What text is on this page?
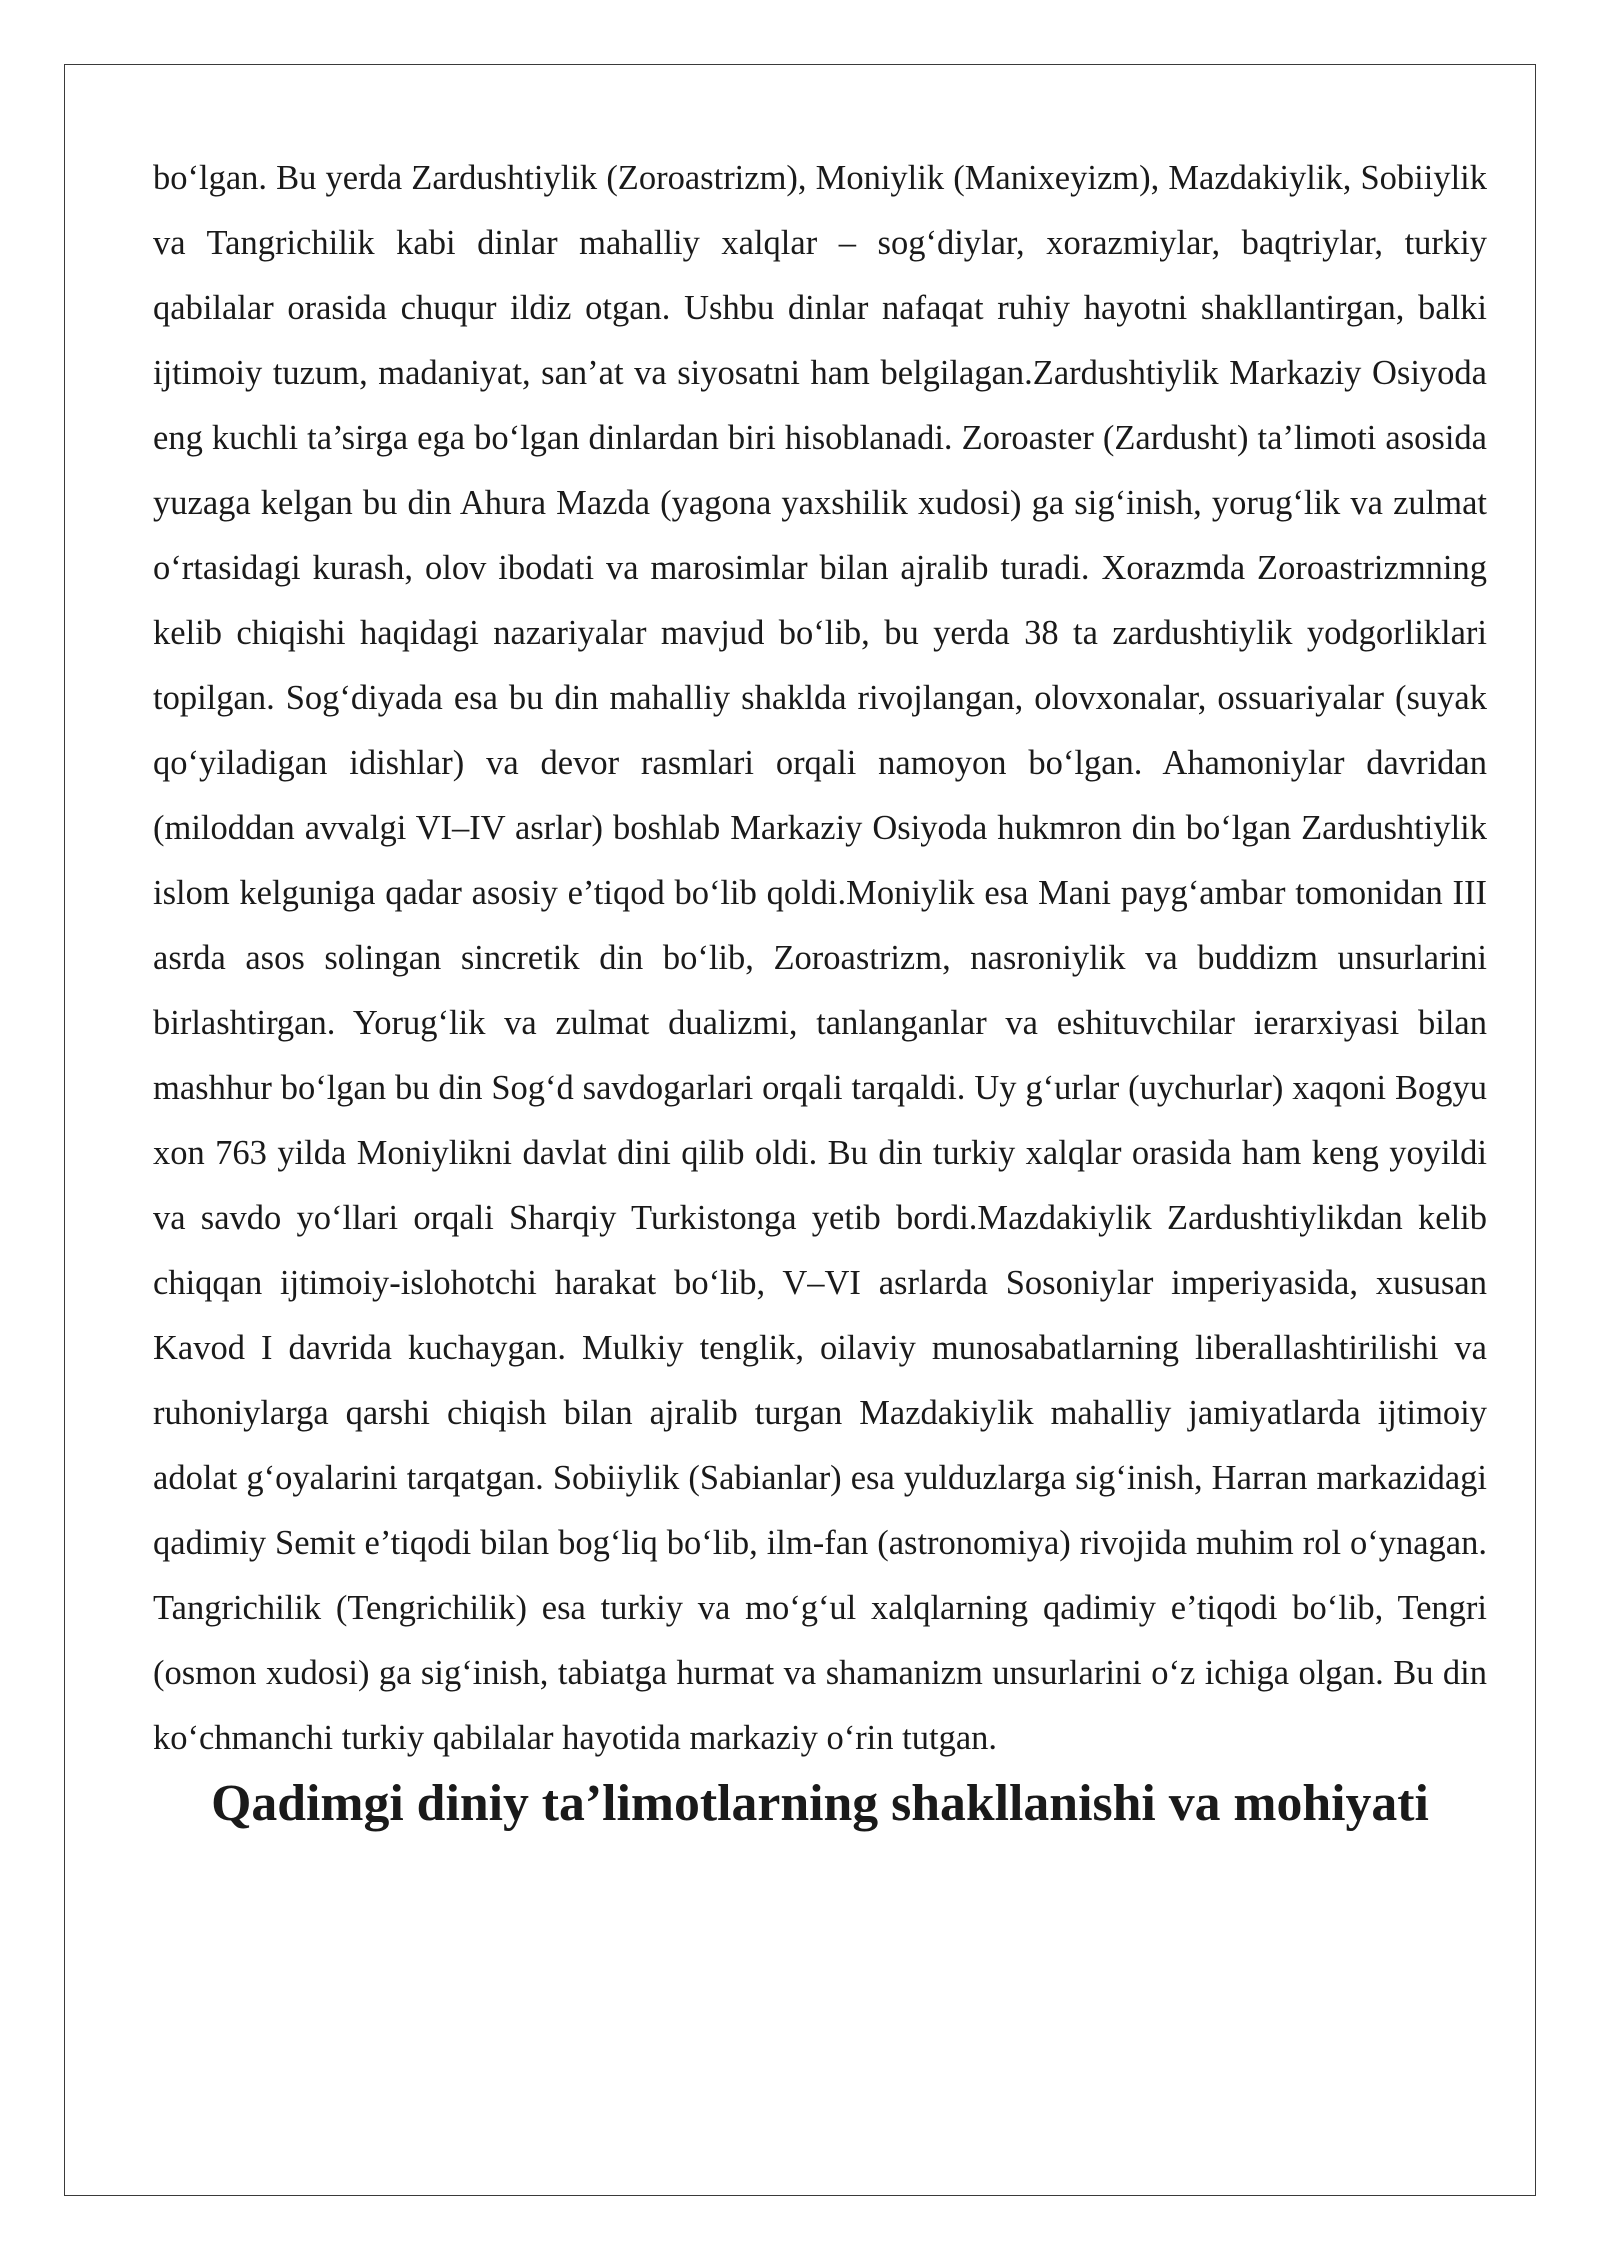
bo‘lgan. Bu yerda Zardushtiylik (Zoroastrizm), Moniylik (Manixeyizm), Mazdakiylik, Sobiiylik va Tangrichilik kabi dinlar mahalliy xalqlar – sog‘diylar, xorazmiylar, baqtriylar, turkiy qabilalar orasida chuqur ildiz otgan. Ushbu dinlar nafaqat ruhiy hayotni shakllantirgan, balki ijtimoiy tuzum, madaniyat, san’at va siyosatni ham belgilagan.Zardushtiylik Markaziy Osiyoda eng kuchli ta’sirga ega bo‘lgan dinlardan biri hisoblanadi. Zoroaster (Zardusht) ta’limoti asosida yuzaga kelgan bu din Ahura Mazda (yagona yaxshilik xudosi) ga sig‘inish, yorug‘lik va zulmat o‘rtasidagi kurash, olov ibodati va marosimlar bilan ajralib turadi. Xorazmda Zoroastrizmning kelib chiqishi haqidagi nazariyalar mavjud bo‘lib, bu yerda 38 ta zardushtiylik yodgorliklari topilgan. Sog‘diyada esa bu din mahalliy shaklda rivojlangan, olovxonalar, ossuariyalar (suyak qo‘yiladigan idishlar) va devor rasmlari orqali namoyon bo‘lgan. Ahamoniylar davridan (miloddan avvalgi VI–IV asrlar) boshlab Markaziy Osiyoda hukmron din bo‘lgan Zardushtiylik islom kelguniga qadar asosiy e’tiqod bo‘lib qoldi.Moniylik esa Mani payg‘ambar tomonidan III asrda asos solingan sincretik din bo‘lib, Zoroastrizm, nasroniylik va buddizm unsurlarini birlashtirgan. Yorug‘lik va zulmat dualizmi, tanlanganlar va eshituvchilar ierarxiyasi bilan mashhur bo‘lgan bu din Sog‘d savdogarlari orqali tarqaldi. Uy g‘urlar (uychurlar) xaqoni Bogyu xon 763 yilda Moniylikni davlat dini qilib oldi. Bu din turkiy xalqlar orasida ham keng yoyildi va savdo yo‘llari orqali Sharqiy Turkistonga yetib bordi.Mazdakiylik Zardushtiylikdan kelib chiqqan ijtimoiy-islohotchi harakat bo‘lib, V–VI asrlarda Sosoniylar imperiyasida, xususan Kavod I davrida kuchaygan. Mulkiy tenglik, oilaviy munosabatlarning liberallashtirilishi va ruhoniylarga qarshi chiqish bilan ajralib turgan Mazdakiylik mahalliy jamiyatlarda ijtimoiy adolat g‘oyalarini tarqatgan. Sobiiylik (Sabianlar) esa yulduzlarga sig‘inish, Harran markazidagi qadimiy Semit e’tiqodi bilan bog‘liq bo‘lib, ilm-fan (astronomiya) rivojida muhim rol o‘ynagan. Tangrichilik (Tengrichilik) esa turkiy va mo‘g‘ul xalqlarning qadimiy e’tiqodi bo‘lib, Tengri (osmon xudosi) ga sig‘inish, tabiatga hurmat va shamanizm unsurlarini o‘z ichiga olgan. Bu din ko‘chmanchi turkiy qabilalar hayotida markaziy o‘rin tutgan.

Qadimgi diniy ta’limotlarning shakllanishi va mohiyati
